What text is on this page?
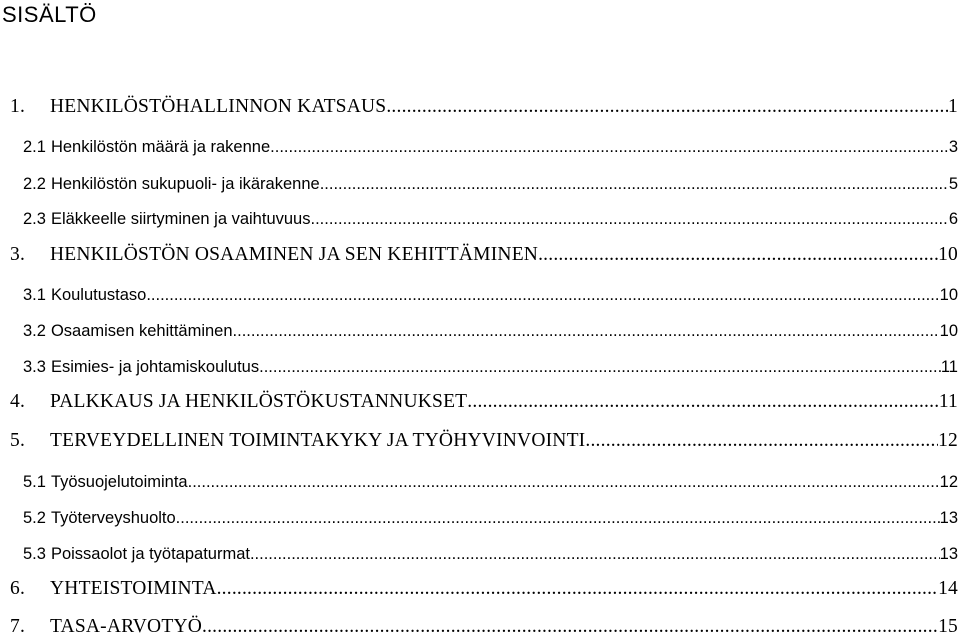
SISÄLTÖ
1.	HENKILÖSTÖHALLINNON KATSAUS .....	1
2.1 Henkilöstön määrä ja rakenne .....	3
2.2 Henkilöstön sukupuoli- ja ikärakenne .....	5
2.3 Eläkkeelle siirtyminen ja vaihtuvuus .....	6
3.	HENKILÖSTÖN OSAAMINEN JA SEN KEHITTÄMINEN .....	10
3.1 Koulutustaso .....	10
3.2 Osaamisen kehittäminen .....	10
3.3 Esimies- ja johtamiskoulutus .....	11
4.	PALKKAUS JA HENKILÖSTÖKUSTANNUKSET .....	11
5.	TERVEYDELLINEN TOIMINTAKYKY JA TYÖHYVINVOINTI .....	12
5.1 Työsuojelutoiminta .....	12
5.2 Työterveyshuolto .....	13
5.3 Poissaolot ja työtapaturmat .....	13
6.	YHTEISTOIMINTA .....	14
7.	TASA-ARVOTYÖ .....	15
